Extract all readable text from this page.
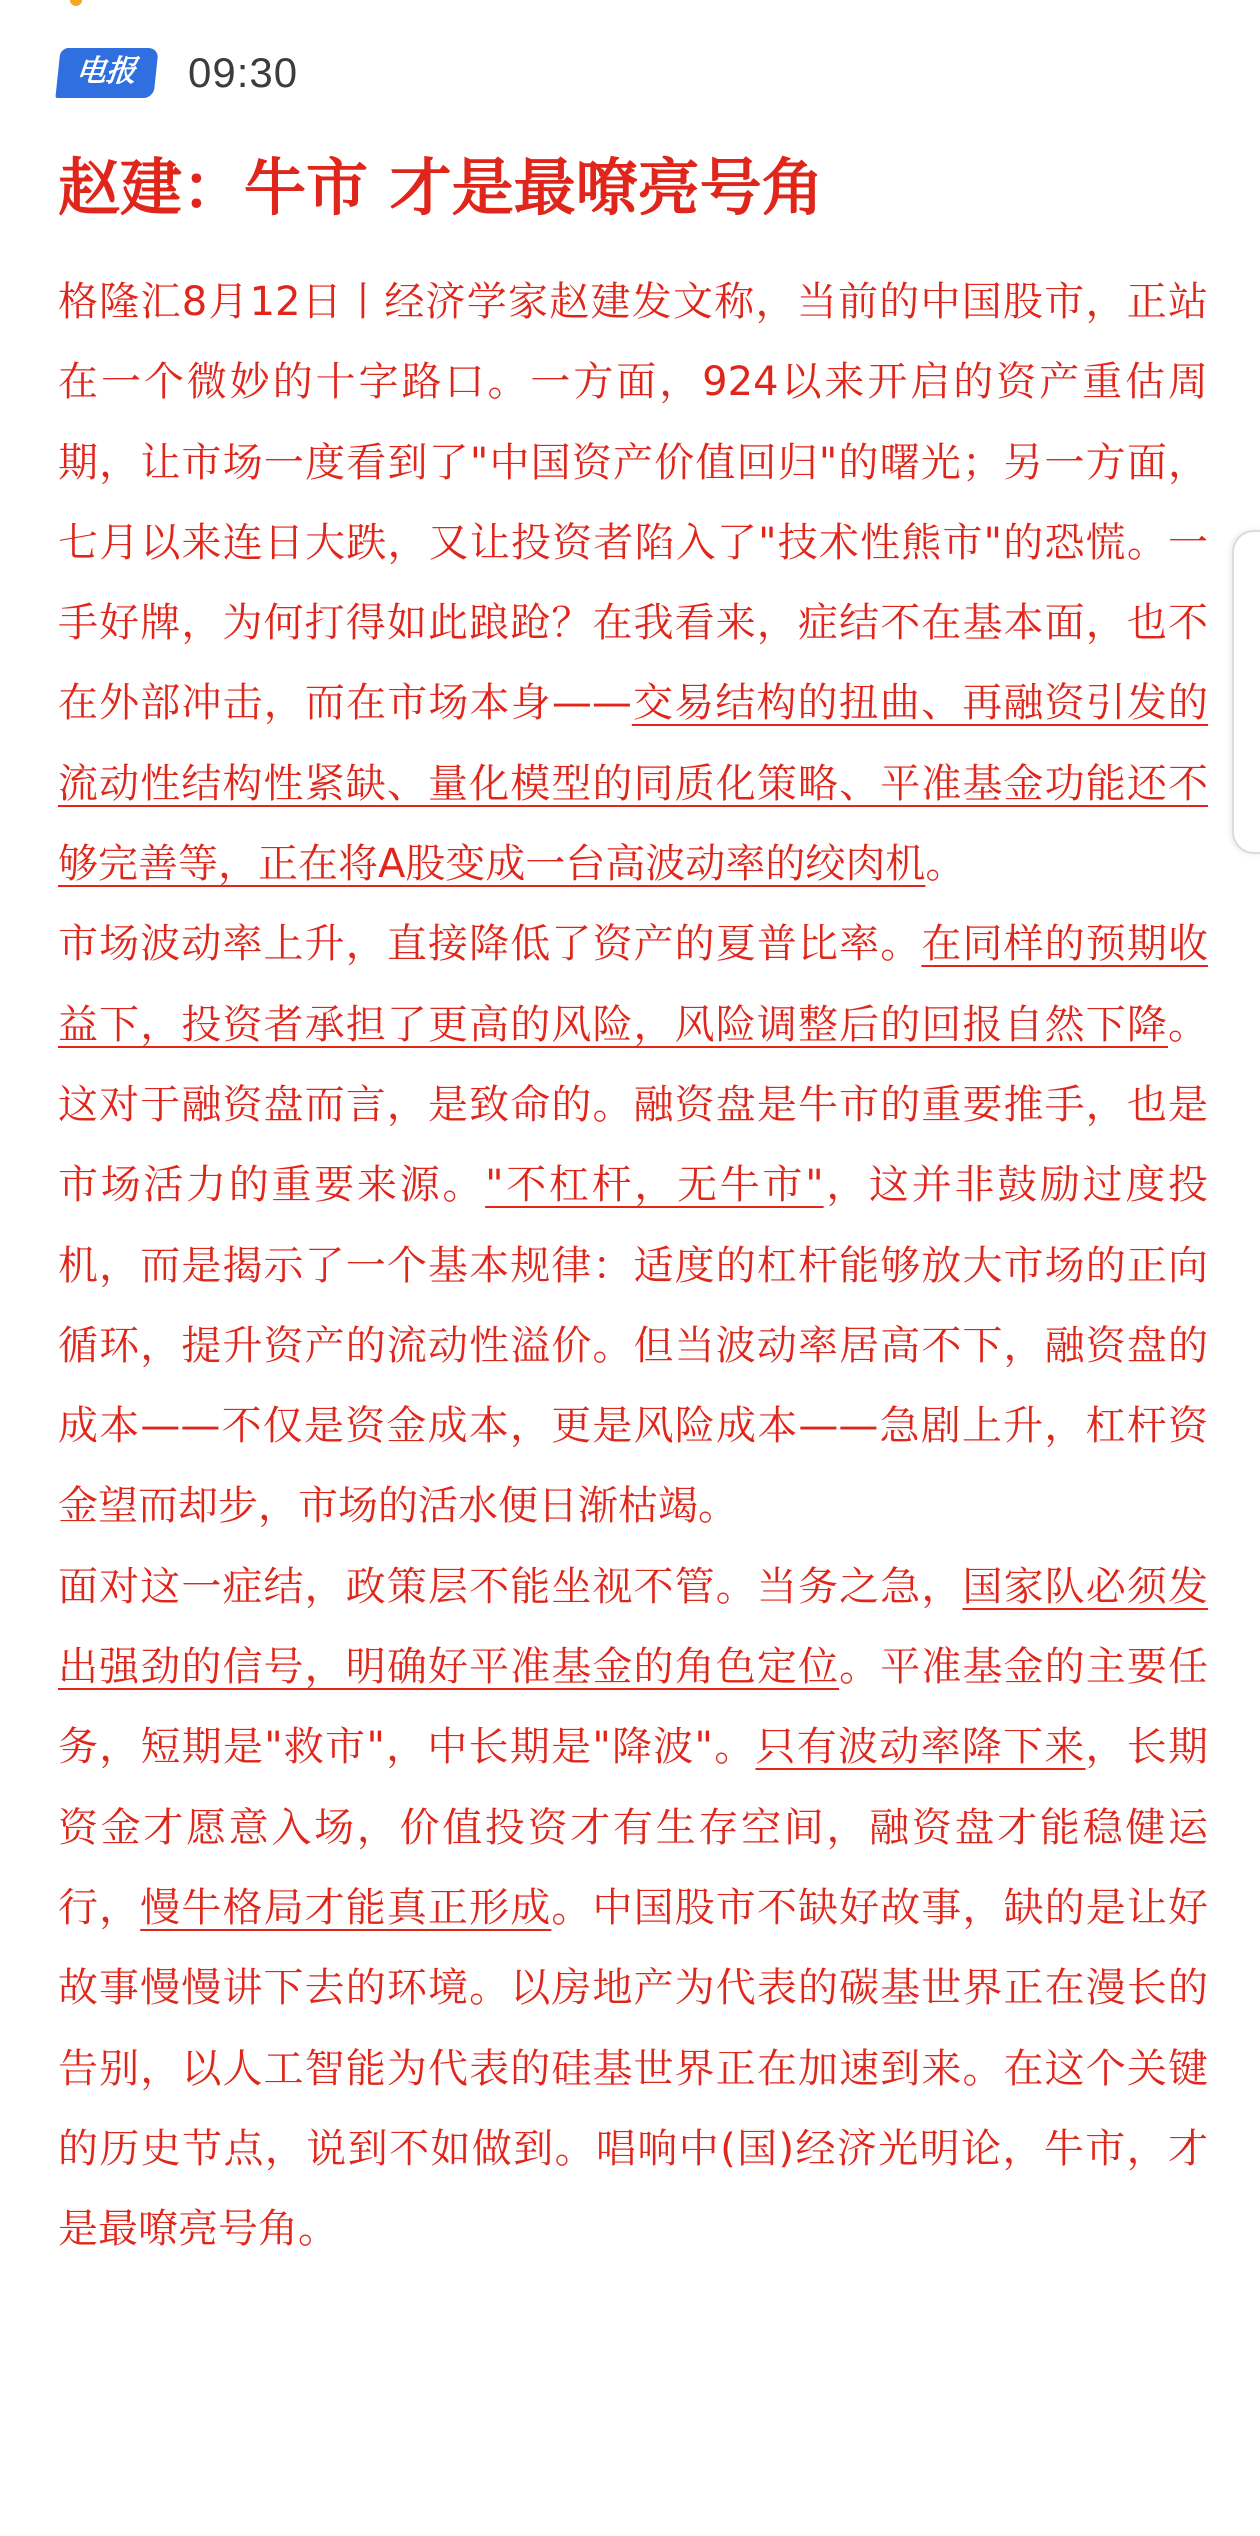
电报	09:30
赵建：牛市 才是最嘹亮号角

格隆汇8月12日丨经济学家赵建发文称，当前的中国股市，正站在一个微妙的十字路口。一方面，924以来开启的资产重估周期，让市场一度看到了"中国资产价值回归"的曙光；另一方面，七月以来连日大跌，又让投资者陷入了"技术性熊市"的恐慌。一手好牌，为何打得如此踉跄？在我看来，症结不在基本面，也不在外部冲击，而在市场本身——交易结构的扭曲、再融资引发的流动性结构性紧缺、量化模型的同质化策略、平准基金功能还不够完善等，正在将A股变成一台高波动率的绞肉机。

市场波动率上升，直接降低了资产的夏普比率。在同样的预期收益下，投资者承担了更高的风险，风险调整后的回报自然下降。这对于融资盘而言，是致命的。融资盘是牛市的重要推手，也是市场活力的重要来源。"不杠杆，无牛市"，这并非鼓励过度投机，而是揭示了一个基本规律：适度的杠杆能够放大市场的正向循环，提升资产的流动性溢价。但当波动率居高不下，融资盘的成本——不仅是资金成本，更是风险成本——急剧上升，杠杆资金望而却步，市场的活水便日渐枯竭。

面对这一症结，政策层不能坐视不管。当务之急，国家队必须发出强劲的信号，明确好平准基金的角色定位。平准基金的主要任务，短期是"救市"，中长期是"降波"。只有波动率降下来，长期资金才愿意入场，价值投资才有生存空间，融资盘才能稳健运行，慢牛格局才能真正形成。中国股市不缺好故事，缺的是让好故事慢慢讲下去的环境。以房地产为代表的碳基世界正在漫长的告别，以人工智能为代表的硅基世界正在加速到来。在这个关键的历史节点，说到不如做到。唱响中(国)经济光明论，牛市，才是最嘹亮号角。
